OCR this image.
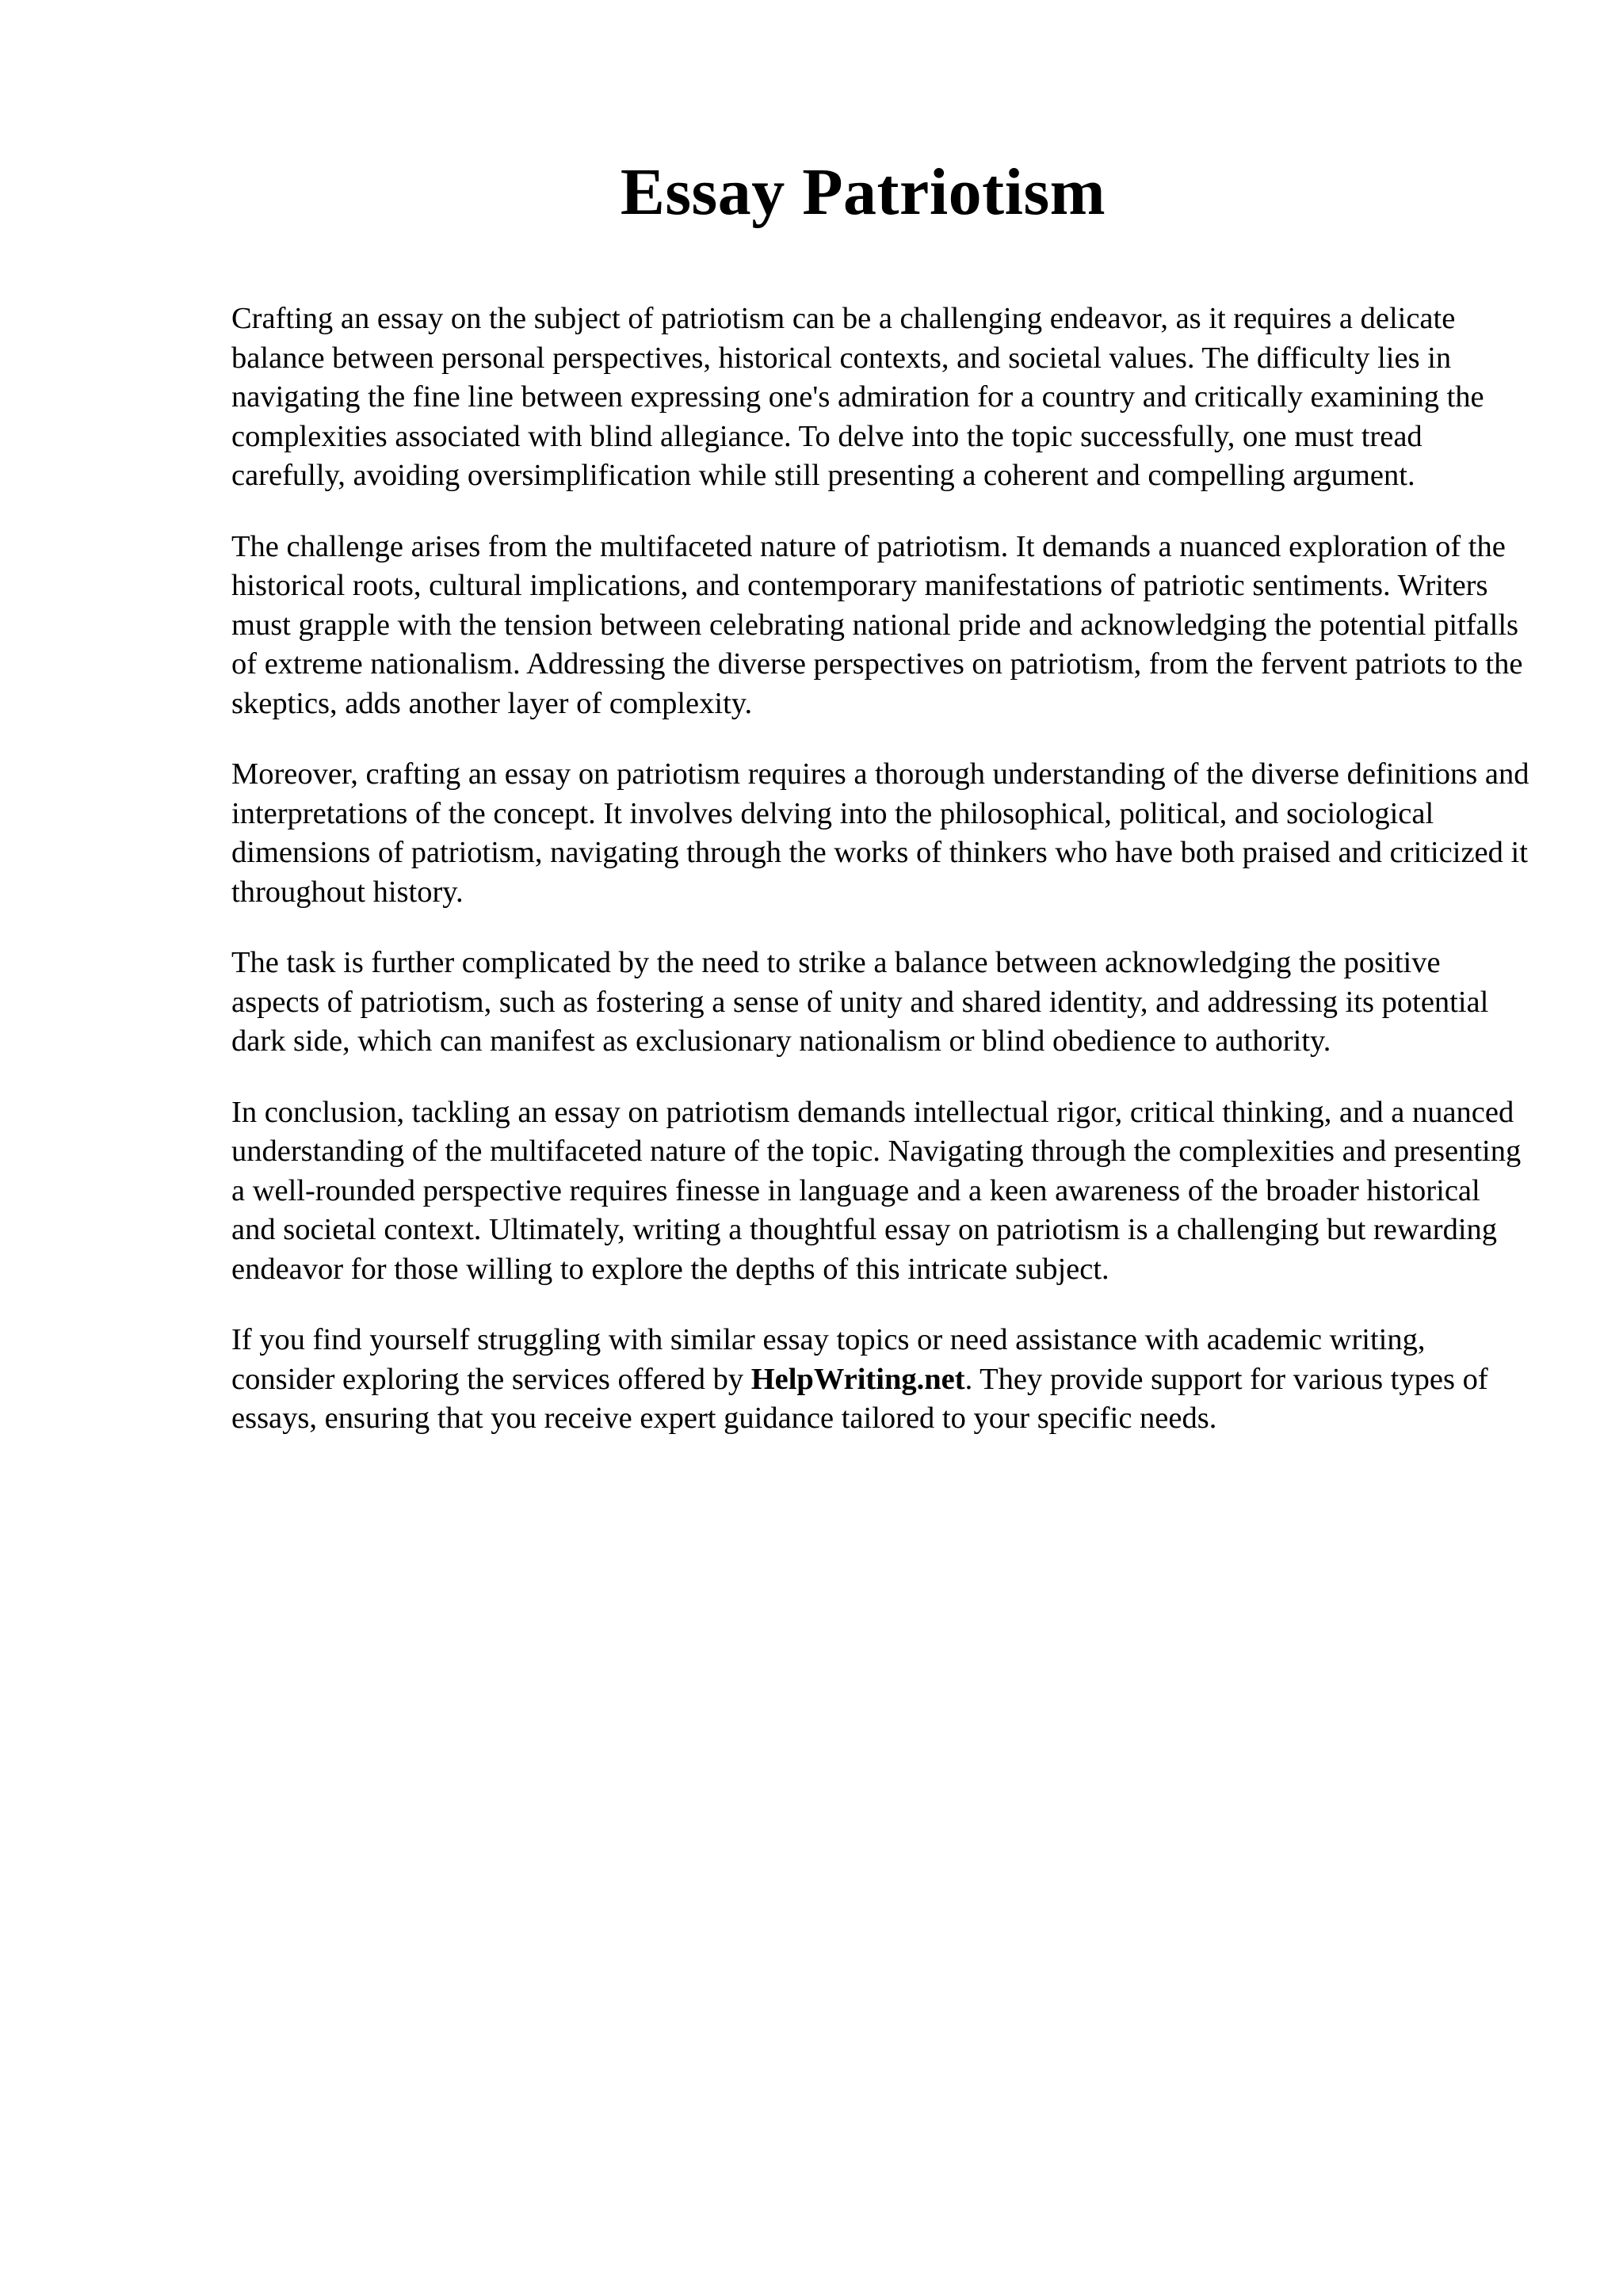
Essay Patriotism

Crafting an essay on the subject of patriotism can be a challenging endeavor, as it requires a delicate balance between personal perspectives, historical contexts, and societal values. The difficulty lies in navigating the fine line between expressing one's admiration for a country and critically examining the complexities associated with blind allegiance. To delve into the topic successfully, one must tread carefully, avoiding oversimplification while still presenting a coherent and compelling argument.

The challenge arises from the multifaceted nature of patriotism. It demands a nuanced exploration of the historical roots, cultural implications, and contemporary manifestations of patriotic sentiments. Writers must grapple with the tension between celebrating national pride and acknowledging the potential pitfalls of extreme nationalism. Addressing the diverse perspectives on patriotism, from the fervent patriots to the skeptics, adds another layer of complexity.

Moreover, crafting an essay on patriotism requires a thorough understanding of the diverse definitions and interpretations of the concept. It involves delving into the philosophical, political, and sociological dimensions of patriotism, navigating through the works of thinkers who have both praised and criticized it throughout history.

The task is further complicated by the need to strike a balance between acknowledging the positive aspects of patriotism, such as fostering a sense of unity and shared identity, and addressing its potential dark side, which can manifest as exclusionary nationalism or blind obedience to authority.

In conclusion, tackling an essay on patriotism demands intellectual rigor, critical thinking, and a nuanced understanding of the multifaceted nature of the topic. Navigating through the complexities and presenting a well-rounded perspective requires finesse in language and a keen awareness of the broader historical and societal context. Ultimately, writing a thoughtful essay on patriotism is a challenging but rewarding endeavor for those willing to explore the depths of this intricate subject.

If you find yourself struggling with similar essay topics or need assistance with academic writing, consider exploring the services offered by HelpWriting.net. They provide support for various types of essays, ensuring that you receive expert guidance tailored to your specific needs.
